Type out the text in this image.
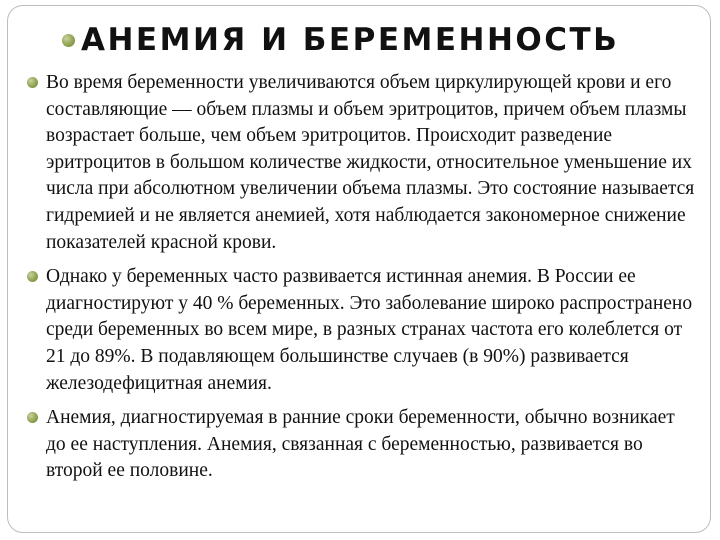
АНЕМИЯ И БЕРЕМЕННОСТЬ
Во время беременности увеличиваются объем циркулирующей крови и его составляющие — объем плазмы и объем эритроцитов, причем объем плазмы возрастает больше, чем объем эритроцитов. Происходит разведение эритроцитов в большом количестве жидкости, относительное уменьшение их числа при абсолютном увеличении объема плазмы. Это состояние называется гидремией и не является анемией, хотя наблюдается закономерное снижение показателей красной крови.
Однако у беременных часто развивается истинная анемия. В России ее диагностируют у 40 % беременных. Это заболевание широко распространено среди беременных во всем мире, в разных странах частота его колеблется от 21 до 89%. В подавляющем большинстве случаев (в 90%) развивается железодефицитная анемия.
Анемия, диагностируемая в ранние сроки беременности, обычно возникает до ее наступления. Анемия, связанная с беременностью, развивается во второй ее половине.
